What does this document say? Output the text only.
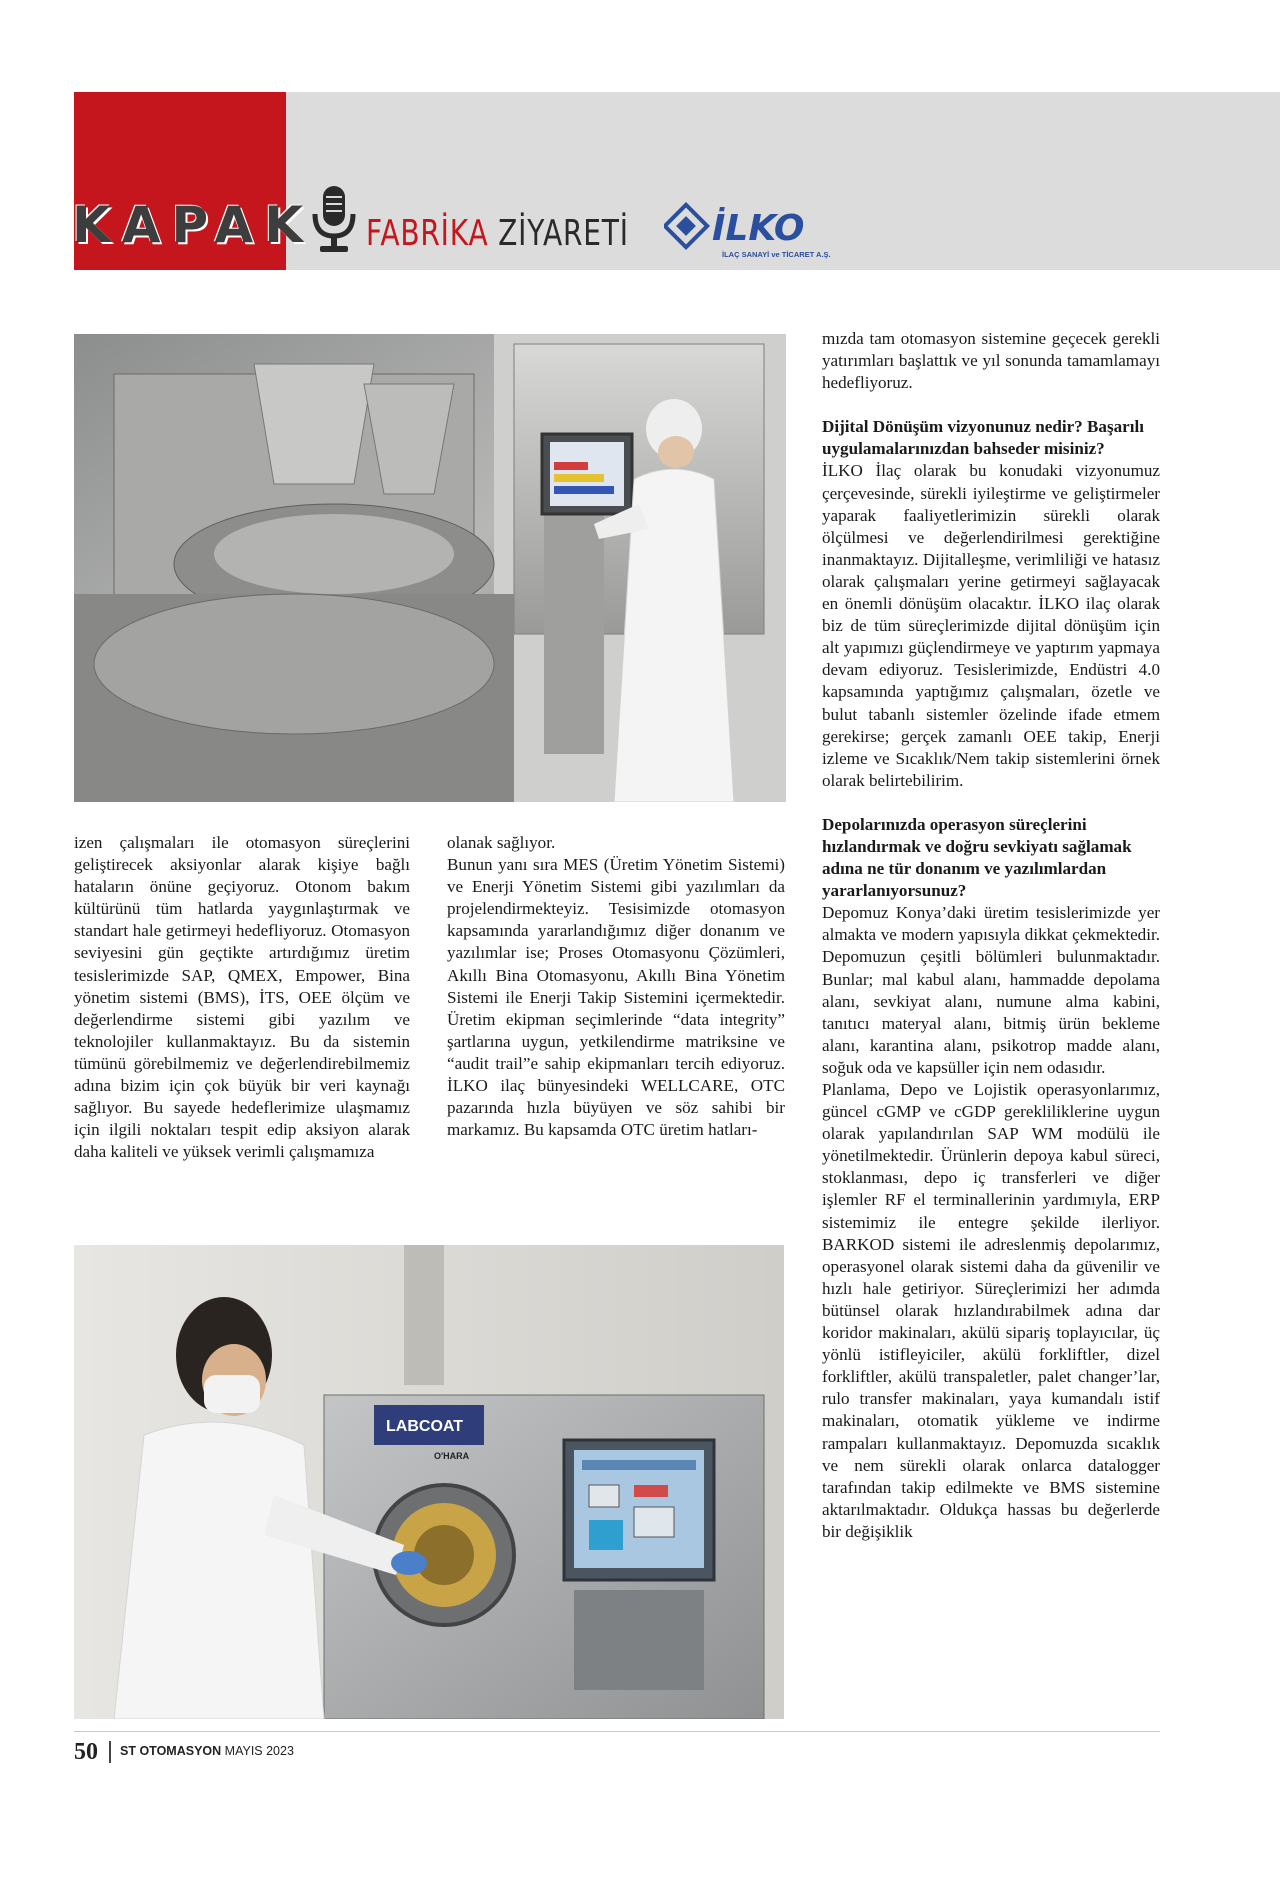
KAPAK FABRİKA ZİYARETİ İLKO
İLAÇ SANAYİ ve TİCARET A.Ş.

izen çalışmaları ile otomasyon süreçlerini geliştirecek aksiyonlar alarak kişiye bağlı hataların önüne geçiyoruz. Otonom bakım kültürünü tüm hatlarda yaygınlaştırmak ve standart hale getirmeyi hedefliyoruz. Otomasyon seviyesini gün geçtikte artırdığımız üretim tesislerimizde SAP, QMEX, Empower, Bina yönetim sistemi (BMS), İTS, OEE ölçüm ve değerlendirme sistemi gibi yazılım ve teknolojiler kullanmaktayız. Bu da sistemin tümünü görebilmemiz ve değerlendirebilmemiz adına bizim için çok büyük bir veri kaynağı sağlıyor. Bu sayede hedeflerimize ulaşmamız için ilgili noktaları tespit edip aksiyon alarak daha kaliteli ve yüksek verimli çalışmamıza

olanak sağlıyor.

Bunun yanı sıra MES (Üretim Yönetim Sistemi) ve Enerji Yönetim Sistemi gibi yazılımları da projelendirmekteyiz. Tesisimizde otomasyon kapsamında yararlandığımız diğer donanım ve yazılımlar ise; Proses Otomasyonu Çözümleri, Akıllı Bina Otomasyonu, Akıllı Bina Yönetim Sistemi ile Enerji Takip Sistemini içermektedir. Üretim ekipman seçimlerinde “data integrity” şartlarına uygun, yetkilendirme matriksine ve “audit trail”e sahip ekipmanları tercih ediyoruz. İLKO ilaç bünyesindeki WELLCARE, OTC pazarında hızla büyüyen ve söz sahibi bir markamız. Bu kapsamda OTC üretim hatları-

mızda tam otomasyon sistemine geçecek gerekli yatırımları başlattık ve yıl sonunda tamamlamayı hedefliyoruz.

Dijital Dönüşüm vizyonunuz nedir? Başarılı uygulamalarınızdan bahseder misiniz?

İLKO İlaç olarak bu konudaki vizyonumuz çerçevesinde, sürekli iyileştirme ve geliştirmeler yaparak faaliyetlerimizin sürekli olarak ölçülmesi ve değerlendirilmesi gerektiğine inanmaktayız. Dijitalleşme, verimliliği ve hatasız olarak çalışmaları yerine getirmeyi sağlayacak en önemli dönüşüm olacaktır. İLKO ilaç olarak biz de tüm süreçlerimizde dijital dönüşüm için alt yapımızı güçlendirmeye ve yaptırım yapmaya devam ediyoruz. Tesislerimizde, Endüstri 4.0 kapsamında yaptığımız çalışmaları, özetle ve bulut tabanlı sistemler özelinde ifade etmem gerekirse; gerçek zamanlı OEE takip, Enerji izleme ve Sıcaklık/Nem takip sistemlerini örnek olarak belirtebilirim.

Depolarınızda operasyon süreçlerini hızlandırmak ve doğru sevkiyatı sağlamak adına ne tür donanım ve yazılımlardan yararlanıyorsunuz?

Depomuz Konya’daki üretim tesislerimizde yer almakta ve modern yapısıyla dikkat çekmektedir. Depomuzun çeşitli bölümleri bulunmaktadır. Bunlar; mal kabul alanı, hammadde depolama alanı, sevkiyat alanı, numune alma kabini, tanıtıcı materyal alanı, bitmiş ürün bekleme alanı, karantina alanı, psikotrop madde alanı, soğuk oda ve kapsüller için nem odasıdır.

Planlama, Depo ve Lojistik operasyonlarımız, güncel cGMP ve cGDP gerekliliklerine uygun olarak yapılandırılan SAP WM modülü ile yönetilmektedir. Ürünlerin depoya kabul süreci, stoklanması, depo iç transferleri ve diğer işlemler RF el terminallerinin yardımıyla, ERP sistemimiz ile entegre şekilde ilerliyor. BARKOD sistemi ile adreslenmiş depolarımız, operasyonel olarak sistemi daha da güvenilir ve hızlı hale getiriyor. Süreçlerimizi her adımda bütünsel olarak hızlandırabilmek adına dar koridor makinaları, akülü sipariş toplayıcılar, üç yönlü istifleyiciler, akülü forkliftler, dizel forkliftler, akülü transpaletler, palet changer’lar, rulo transfer makinaları, yaya kumandalı istif makinaları, otomatik yükleme ve indirme rampaları kullanmaktayız. Depomuzda sıcaklık ve nem sürekli olarak onlarca datalogger tarafından takip edilmekte ve BMS sistemine aktarılmaktadır. Oldukça hassas bu değerlerde bir değişiklik

LABCOAT
O'HARA
50 ST OTOMASYON MAYIS 2023
